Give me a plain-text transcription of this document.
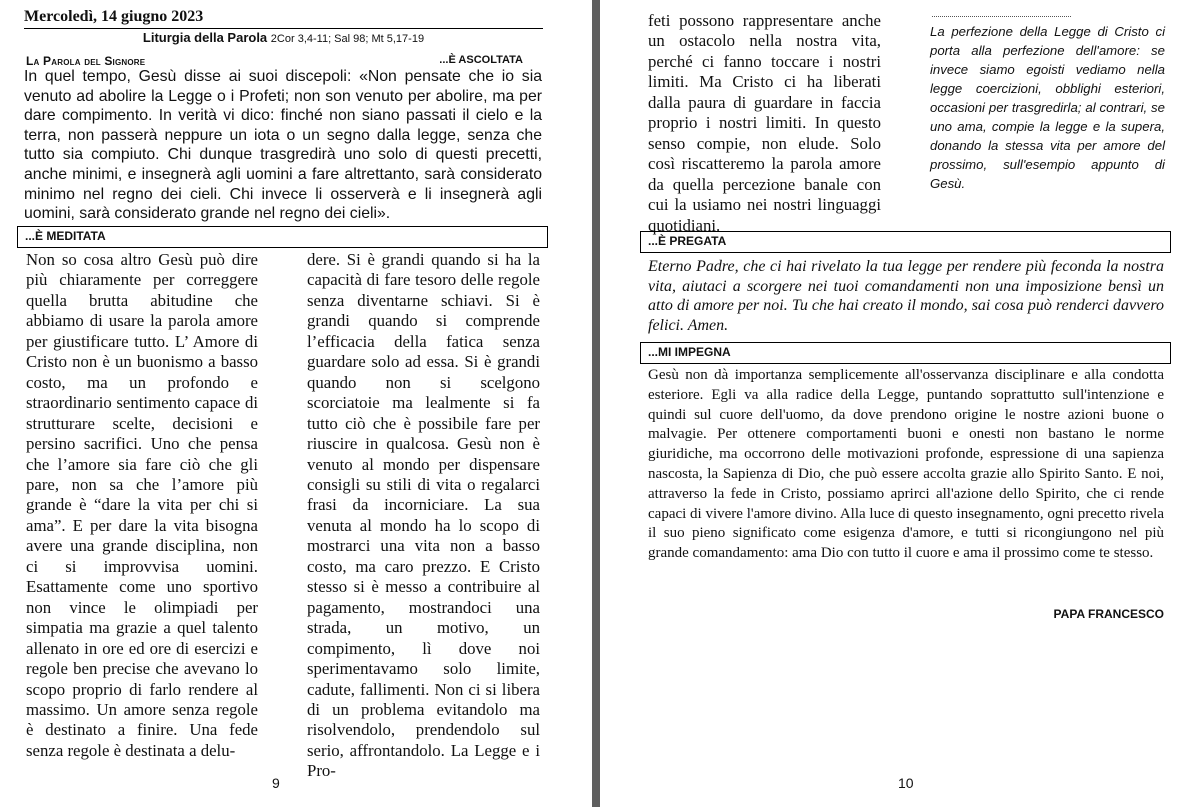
Mercoledì, 14 giugno 2023
Liturgia della Parola 2Cor 3,4-11; Sal 98; Mt 5,17-19
La Parola del Signore	...È ASCOLTATA
In quel tempo, Gesù disse ai suoi discepoli: «Non pensate che io sia venuto ad abolire la Legge o i Profeti; non son venuto per abolire, ma per dare compimento. In verità vi dico: finché non siano passati il cielo e la terra, non passerà neppure un iota o un segno dalla legge, senza che tutto sia compiuto. Chi dunque trasgredirà uno solo di questi precetti, anche minimi, e insegnerà agli uomini a fare altrettanto, sarà considerato minimo nel regno dei cieli. Chi invece li osserverà e li insegnerà agli uomini, sarà considerato grande nel regno dei cieli».
...È MEDITATA
Non so cosa altro Gesù può dire più chiaramente per correggere quella brutta abitudine che abbiamo di usare la parola amore per giustificare tutto. L’ Amore di Cristo non è un buonismo a basso costo, ma un profondo e straordinario sentimento capace di strutturare scelte, decisioni e persino sacrifici. Uno che pensa che l’amore sia fare ciò che gli pare, non sa che l’amore più grande è “dare la vita per chi si ama”. E per dare la vita bisogna avere una grande disciplina, non ci si improvvisa uomini. Esattamente come uno sportivo non vince le olimpiadi per simpatia ma grazie a quel talento allenato in ore ed ore di esercizi e regole ben precise che avevano lo scopo proprio di farlo rendere al massimo. Un amore senza regole è destinato a finire. Una fede senza regole è destinata a delu-
dere. Si è grandi quando si ha la capacità di fare tesoro delle regole senza diventarne schiavi. Si è grandi quando si comprende l’efficacia della fatica senza guardare solo ad essa. Si è grandi quando non si scelgono scorciatoie ma lealmente si fa tutto ciò che è possibile fare per riuscire in qualcosa. Gesù non è venuto al mondo per dispensare consigli su stili di vita o regalarci frasi da incorniciare. La sua venuta al mondo ha lo scopo di mostrarci una vita non a basso costo, ma caro prezzo. E Cristo stesso si è messo a contribuire al pagamento, mostrandoci una strada, un motivo, un compimento, lì dove noi sperimentavamo solo limite, cadute, fallimenti. Non ci si libera di un problema evitandolo ma risolvendolo, prendendolo sul serio, affrontandolo. La Legge e i Pro-
9
feti possono rappresentare anche un ostacolo nella nostra vita, perché ci fanno toccare i nostri limiti. Ma Cristo ci ha liberati dalla paura di guardare in faccia proprio i nostri limiti. In questo senso compie, non elude. Solo così riscatteremo la parola amore da quella percezione banale con cui la usiamo nei nostri linguaggi quotidiani.
La perfezione della Legge di Cristo ci porta alla perfezione dell'amore: se invece siamo egoisti vediamo nella legge coercizioni, obblighi esteriori, occasioni per trasgredirla; al contrari, se uno ama, compie la legge e la supera, donando la stessa vita per amore del prossimo, sull'esempio appunto di Gesù.
...È PREGATA
Eterno Padre, che ci hai rivelato la tua legge per rendere più feconda la nostra vita, aiutaci a scorgere nei tuoi comandamenti non una imposizione bensì un atto di amore per noi. Tu che hai creato il mondo, sai cosa può renderci davvero felici. Amen.
...MI IMPEGNA
Gesù non dà importanza semplicemente all'osservanza disciplinare e alla condotta esteriore. Egli va alla radice della Legge, puntando soprattutto sull'intenzione e quindi sul cuore dell'uomo, da dove prendono origine le nostre azioni buone o malvagie. Per ottenere comportamenti buoni e onesti non bastano le norme giuridiche, ma occorrono delle motivazioni profonde, espressione di una sapienza nascosta, la Sapienza di Dio, che può essere accolta grazie allo Spirito Santo. E noi, attraverso la fede in Cristo, possiamo aprirci all'azione dello Spirito, che ci rende capaci di vivere l'amore divino. Alla luce di questo insegnamento, ogni precetto rivela il suo pieno significato come esigenza d'amore, e tutti si ricongiungono nel più grande comandamento: ama Dio con tutto il cuore e ama il prossimo come te stesso.
PAPA FRANCESCO
10
